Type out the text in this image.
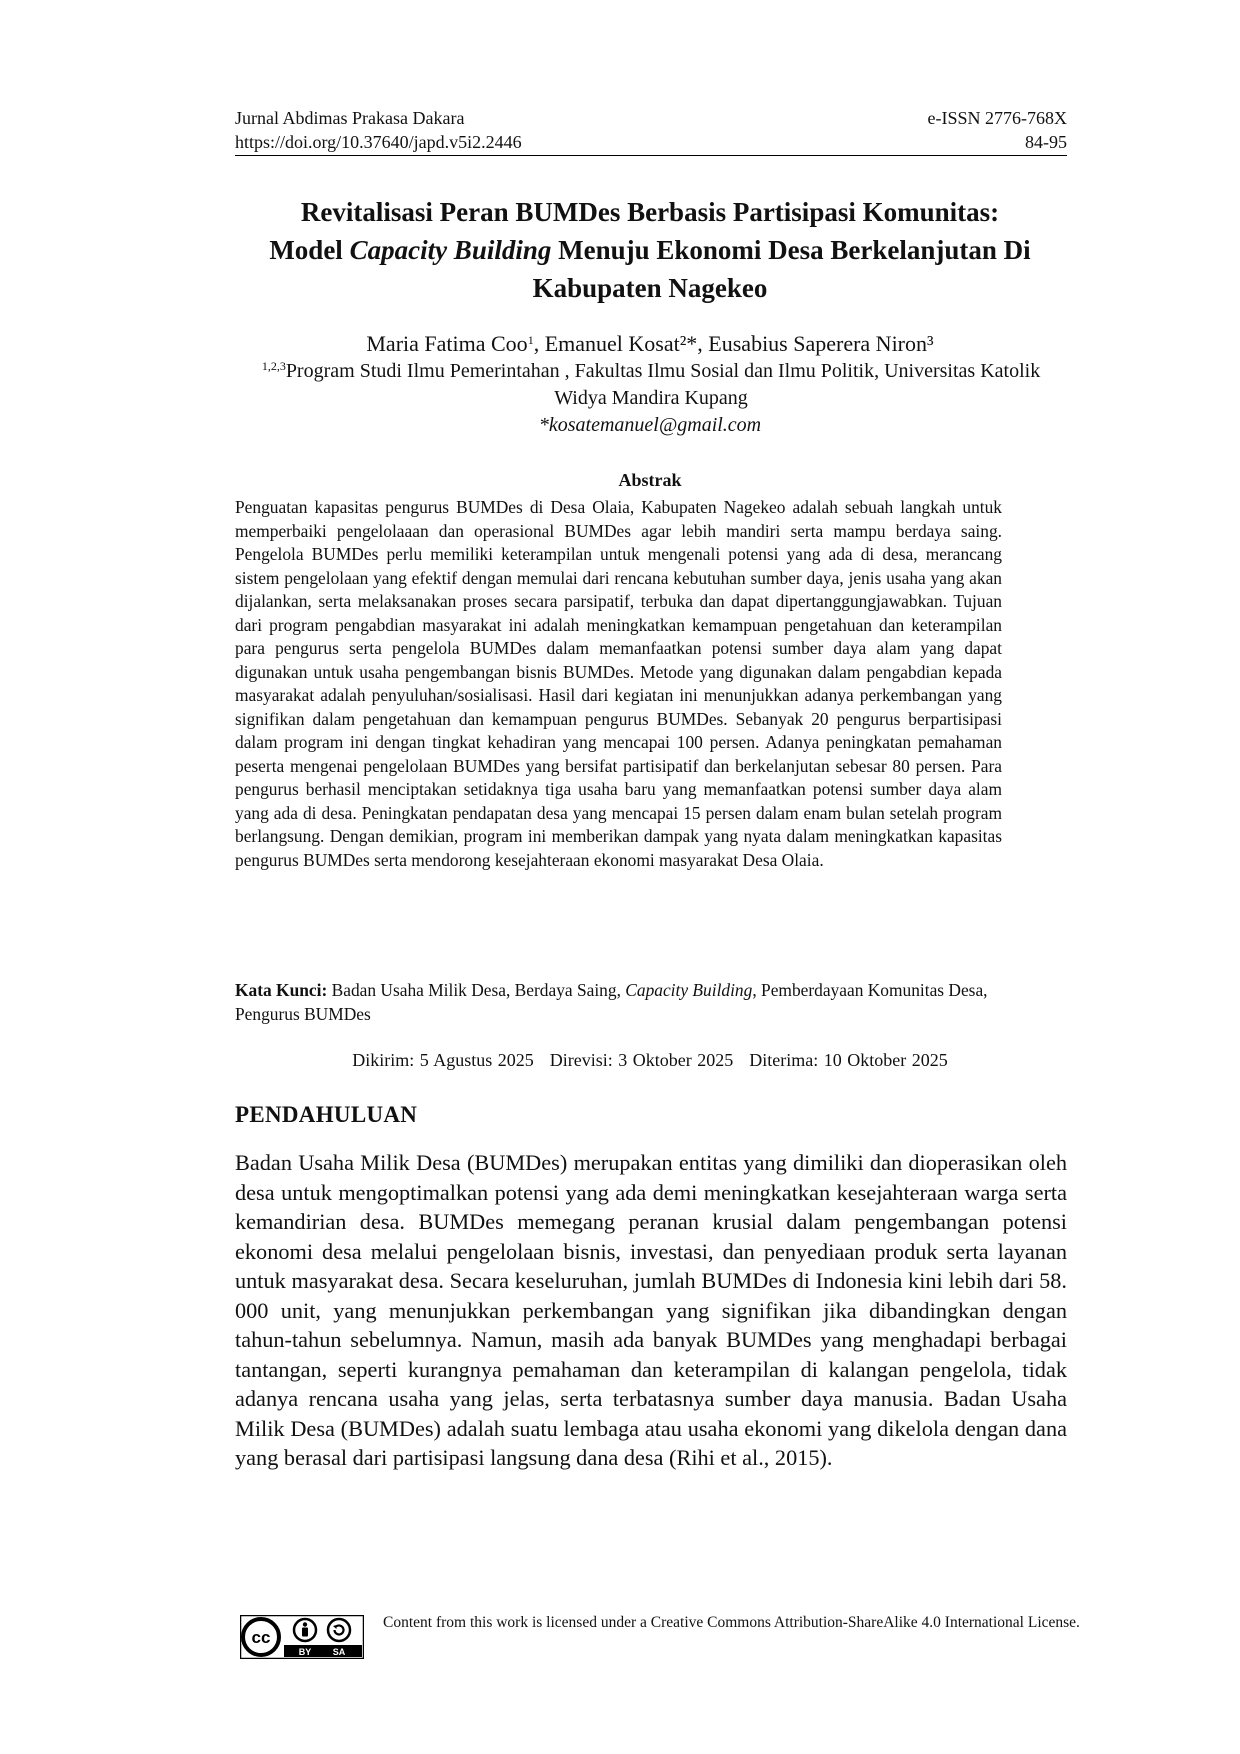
Jurnal Abdimas Prakasa Dakara	e-ISSN 2776-768X
https://doi.org/10.37640/japd.v5i2.2446	84-95
Revitalisasi Peran BUMDes Berbasis Partisipasi Komunitas:
Model Capacity Building Menuju Ekonomi Desa Berkelanjutan Di
Kabupaten Nagekeo
Maria Fatima Coo$^1$, Emanuel Kosat²*, Eusabius Saperera Niron³
$^{1,2,3}$Program Studi Ilmu Pemerintahan , Fakultas Ilmu Sosial dan Ilmu Politik, Universitas Katolik Widya Mandira Kupang
*kosatemanuel@gmail.com
Abstrak

Penguatan kapasitas pengurus BUMDes di Desa Olaia, Kabupaten Nagekeo adalah sebuah langkah untuk memperbaiki pengelolaaan dan operasional BUMDes agar lebih mandiri serta mampu berdaya saing. Pengelola BUMDes perlu memiliki keterampilan untuk mengenali potensi yang ada di desa, merancang sistem pengelolaan yang efektif dengan memulai dari rencana kebutuhan sumber daya, jenis usaha yang akan dijalankan, serta melaksanakan proses secara parsipatif, terbuka dan dapat dipertanggungjawabkan. Tujuan dari program pengabdian masyarakat ini adalah meningkatkan kemampuan pengetahuan dan keterampilan para pengurus serta pengelola BUMDes dalam memanfaatkan potensi sumber daya alam yang dapat digunakan untuk usaha pengembangan bisnis BUMDes. Metode yang digunakan dalam pengabdian kepada masyarakat adalah penyuluhan/sosialisasi. Hasil dari kegiatan ini menunjukkan adanya perkembangan yang signifikan dalam pengetahuan dan kemampuan pengurus BUMDes. Sebanyak 20 pengurus berpartisipasi dalam program ini dengan tingkat kehadiran yang mencapai 100 persen. Adanya peningkatan pemahaman peserta mengenai pengelolaan BUMDes yang bersifat partisipatif dan berkelanjutan sebesar 80 persen. Para pengurus berhasil menciptakan setidaknya tiga usaha baru yang memanfaatkan potensi sumber daya alam yang ada di desa. Peningkatan pendapatan desa yang mencapai 15 persen dalam enam bulan setelah program berlangsung. Dengan demikian, program ini memberikan dampak yang nyata dalam meningkatkan kapasitas pengurus BUMDes serta mendorong kesejahteraan ekonomi masyarakat Desa Olaia.

Kata Kunci: Badan Usaha Milik Desa, Berdaya Saing, Capacity Building, Pemberdayaan Komunitas Desa, Pengurus BUMDes

Dikirim: 5 Agustus 2025 Direvisi: 3 Oktober 2025 Diterima: 10 Oktober 2025
PENDAHULUAN

Badan Usaha Milik Desa (BUMDes) merupakan entitas yang dimiliki dan dioperasikan oleh desa untuk mengoptimalkan potensi yang ada demi meningkatkan kesejahteraan warga serta kemandirian desa. BUMDes memegang peranan krusial dalam pengembangan potensi ekonomi desa melalui pengelolaan bisnis, investasi, dan penyediaan produk serta layanan untuk masyarakat desa. Secara keseluruhan, jumlah BUMDes di Indonesia kini lebih dari 58. 000 unit, yang menunjukkan perkembangan yang signifikan jika dibandingkan dengan tahun-tahun sebelumnya. Namun, masih ada banyak BUMDes yang menghadapi berbagai tantangan, seperti kurangnya pemahaman dan keterampilan di kalangan pengelola, tidak adanya rencana usaha yang jelas, serta terbatasnya sumber daya manusia. Badan Usaha Milik Desa (BUMDes) adalah suatu lembaga atau usaha ekonomi yang dikelola dengan dana yang berasal dari partisipasi langsung dana desa (Rihi et al., 2015).

cc
BY SA

Content from this work is licensed under a Creative Commons Attribution-ShareAlike 4.0 International License.
